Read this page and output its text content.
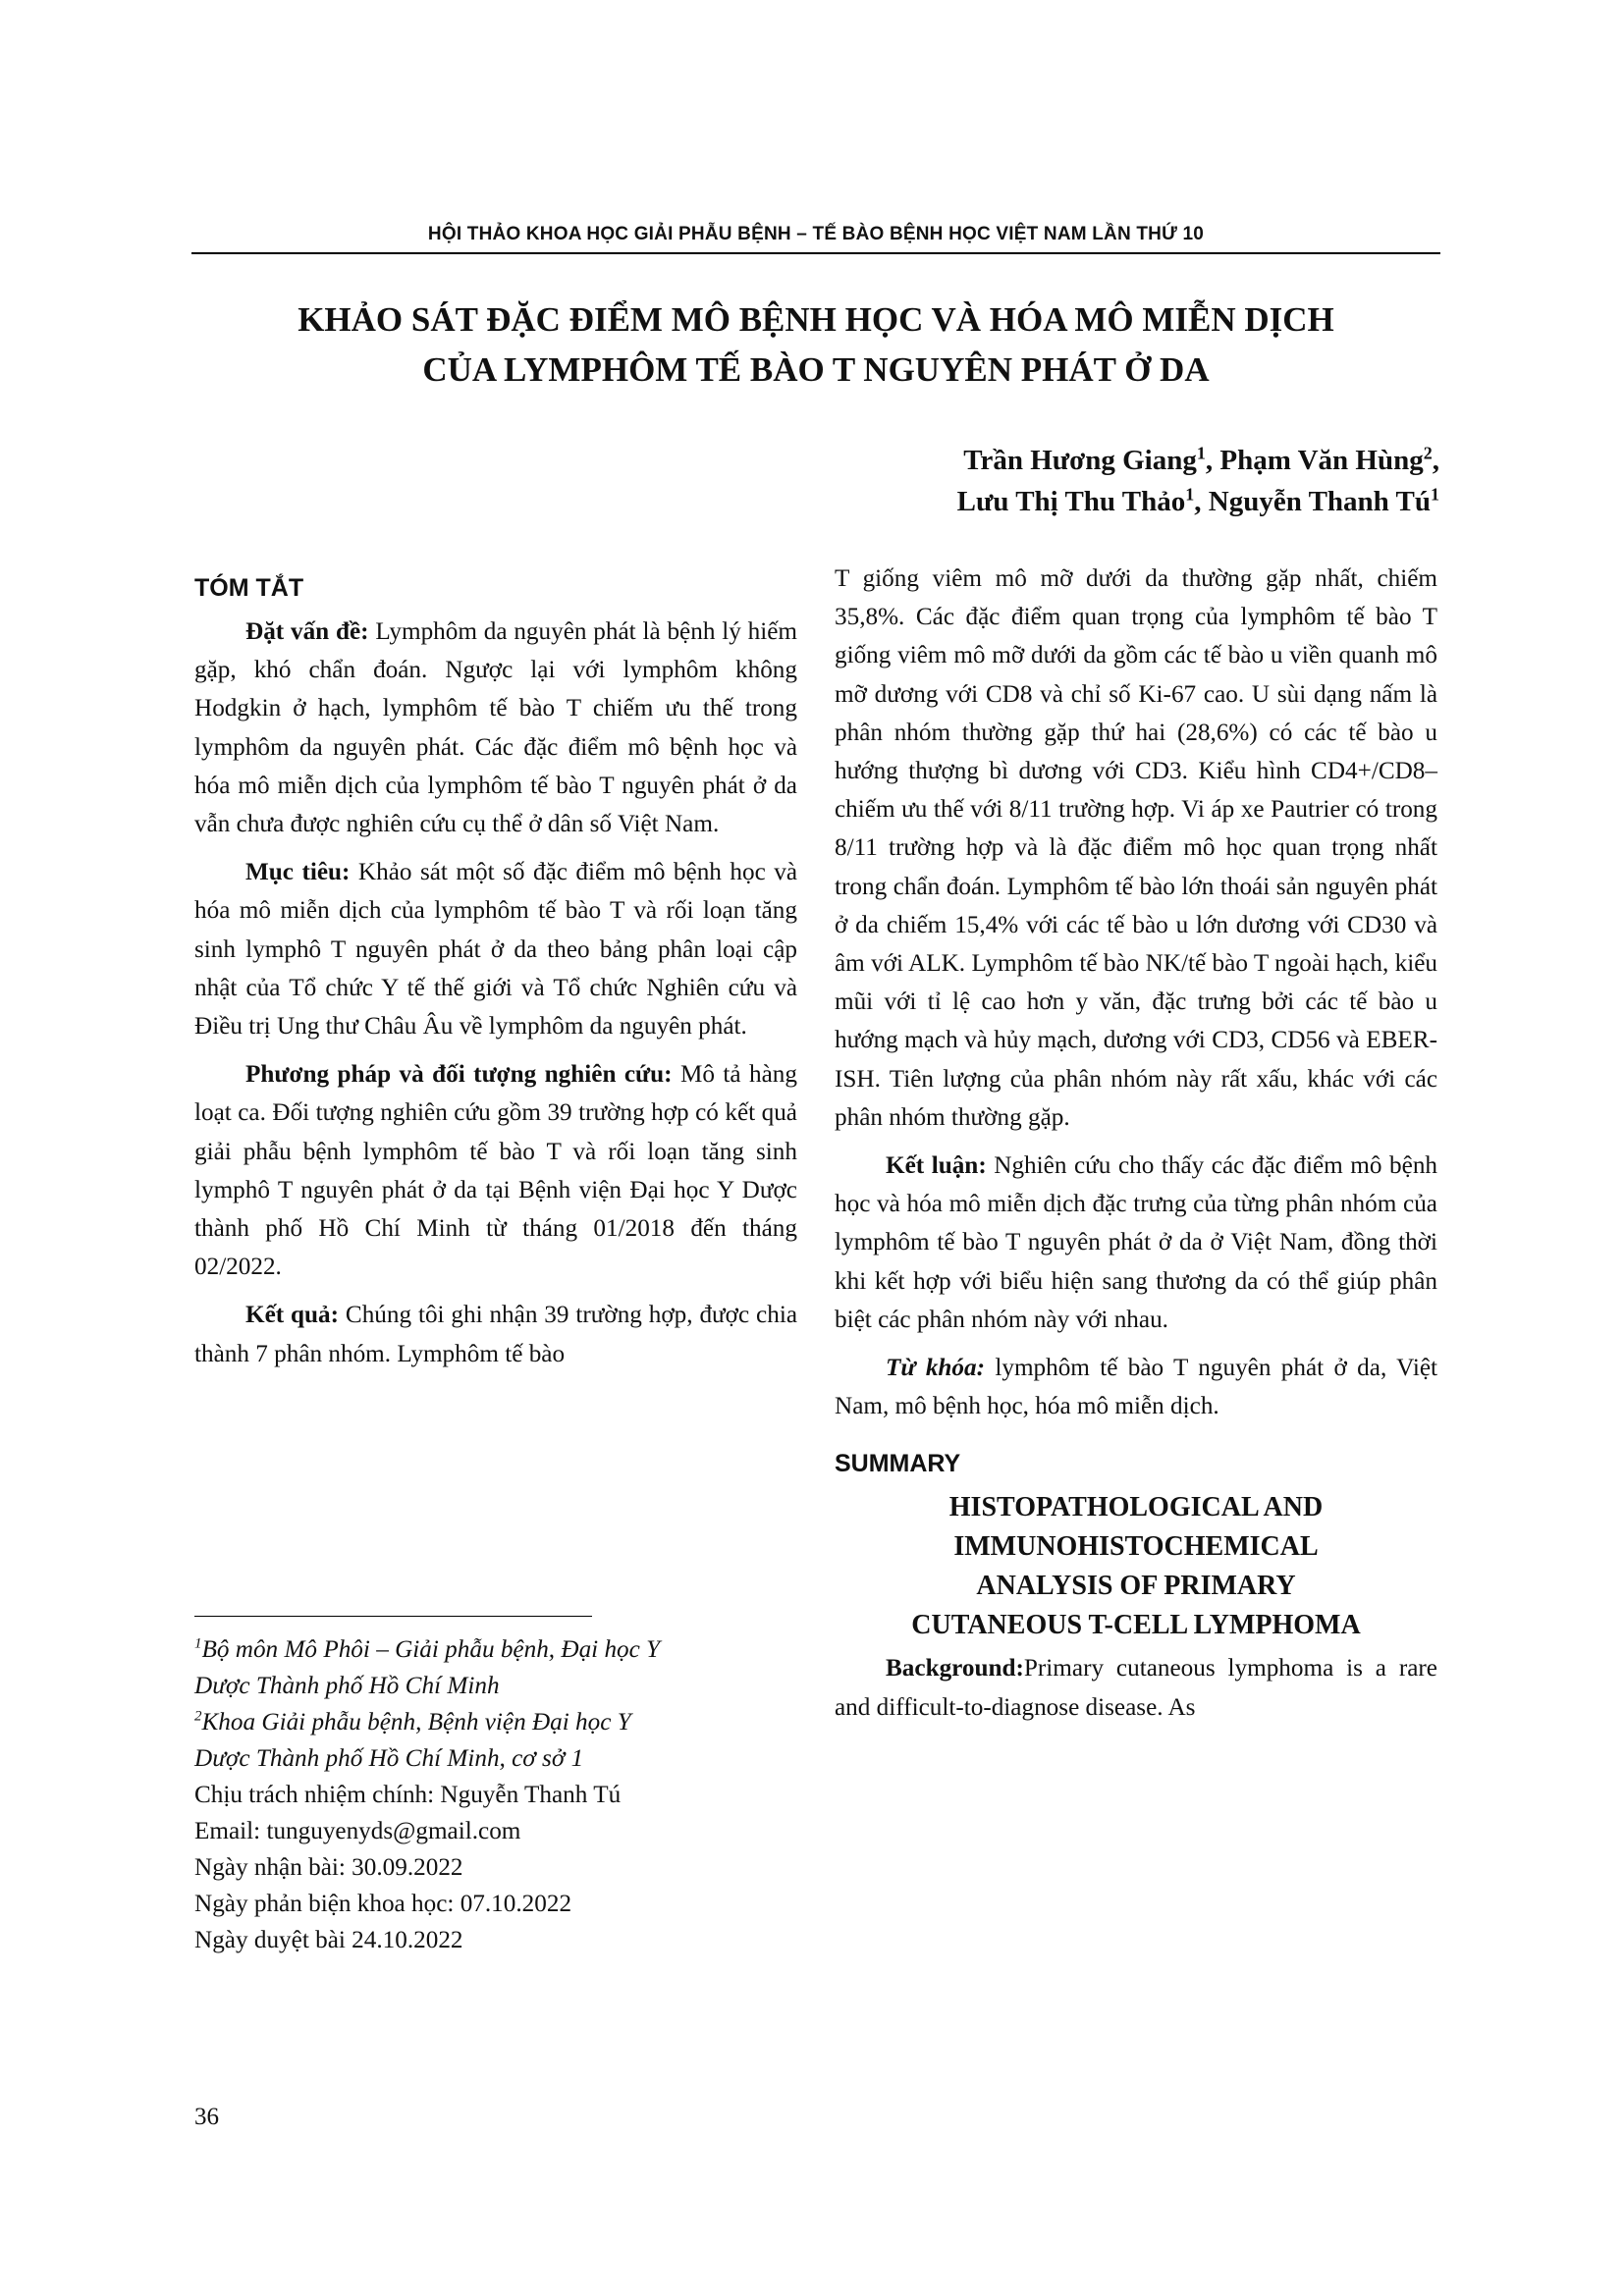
HỘI THẢO KHOA HỌC GIẢI PHẪU BỆNH – TẾ BÀO BỆNH HỌC VIỆT NAM LẦN THỨ 10
KHẢO SÁT ĐẶC ĐIỂM MÔ BỆNH HỌC VÀ HÓA MÔ MIỄN DỊCH
CỦA LYMPHÔM TẾ BÀO T NGUYÊN PHÁT Ở DA
Trần Hương Giang$^1$, Phạm Văn Hùng$^2$,
Lưu Thị Thu Thảo$^1$, Nguyễn Thanh $Tú^1$
TÓM TẮT

Đặt vấn đề: Lymphôm da nguyên phát là bệnh lý hiếm gặp, khó chẩn đoán. Ngược lại với lymphôm không Hodgkin ở hạch, lymphôm tế bào T chiếm ưu thế trong lymphôm da nguyên phát. Các đặc điểm mô bệnh học và hóa mô miễn dịch của lymphôm tế bào T nguyên phát ở da vẫn chưa được nghiên cứu cụ thể ở dân số Việt Nam.

Mục tiêu: Khảo sát một số đặc điểm mô bệnh học và hóa mô miễn dịch của lymphôm tế bào T và rối loạn tăng sinh lymphô T nguyên phát ở da theo bảng phân loại cập nhật của Tổ chức Y tế thế giới và Tổ chức Nghiên cứu và Điều trị Ung thư Châu Âu về lymphôm da nguyên phát.

Phương pháp và đối tượng nghiên cứu: Mô tả hàng loạt ca. Đối tượng nghiên cứu gồm 39 trường hợp có kết quả giải phẫu bệnh lymphôm tế bào T và rối loạn tăng sinh lymphô T nguyên phát ở da tại Bệnh viện Đại học Y Dược thành phố Hồ Chí Minh từ tháng 01/2018 đến tháng 02/2022.

Kết quả: Chúng tôi ghi nhận 39 trường hợp, được chia thành 7 phân nhóm. Lymphôm tế bào

$^1$Bộ môn Mô Phôi – Giải phẫu bệnh, Đại học Y
Dược Thành phố Hồ Chí Minh
$^2$Khoa Giải phẫu bệnh, Bệnh viện Đại học Y
Dược Thành phố Hồ Chí Minh, cơ sở 1
Chịu trách nhiệm chính: Nguyễn Thanh Tú
Email: tunguyenyds@gmail.com
Ngày nhận bài: 30.09.2022
Ngày phản biện khoa học: 07.10.2022
Ngày duyệt bài 24.10.2022

T giống viêm mô mỡ dưới da thường gặp nhất, chiếm 35,8%. Các đặc điểm quan trọng của lymphôm tế bào T giống viêm mô mỡ dưới da gồm các tế bào u viền quanh mô mỡ dương với CD8 và chỉ số Ki-67 cao. U sùi dạng nấm là phân nhóm thường gặp thứ hai (28,6%) có các tế bào u hướng thượng bì dương với CD3. Kiểu hình CD4+/CD8– chiếm ưu thế với 8/11 trường hợp. Vi áp xe Pautrier có trong 8/11 trường hợp và là đặc điểm mô học quan trọng nhất trong chẩn đoán. Lymphôm tế bào lớn thoái sản nguyên phát ở da chiếm 15,4% với các tế bào u lớn dương với CD30 và âm với ALK. Lymphôm tế bào NK/tế bào T ngoài hạch, kiểu mũi với tỉ lệ cao hơn y văn, đặc trưng bởi các tế bào u hướng mạch và hủy mạch, dương với CD3, CD56 và EBER-ISH. Tiên lượng của phân nhóm này rất xấu, khác với các phân nhóm thường gặp.

Kết luận: Nghiên cứu cho thấy các đặc điểm mô bệnh học và hóa mô miễn dịch đặc trưng của từng phân nhóm của lymphôm tế bào T nguyên phát ở da ở Việt Nam, đồng thời khi kết hợp với biểu hiện sang thương da có thể giúp phân biệt các phân nhóm này với nhau.

Từ khóa: lymphôm tế bào T nguyên phát ở da, Việt Nam, mô bệnh học, hóa mô miễn dịch.

SUMMARY
HISTOPATHOLOGICAL AND
IMMUNOHISTOCHEMICAL
ANALYSIS OF PRIMARY
CUTANEOUS T-CELL LYMPHOMA

Background:Primary cutaneous lymphoma is a rare and difficult-to-diagnose disease. As

36
